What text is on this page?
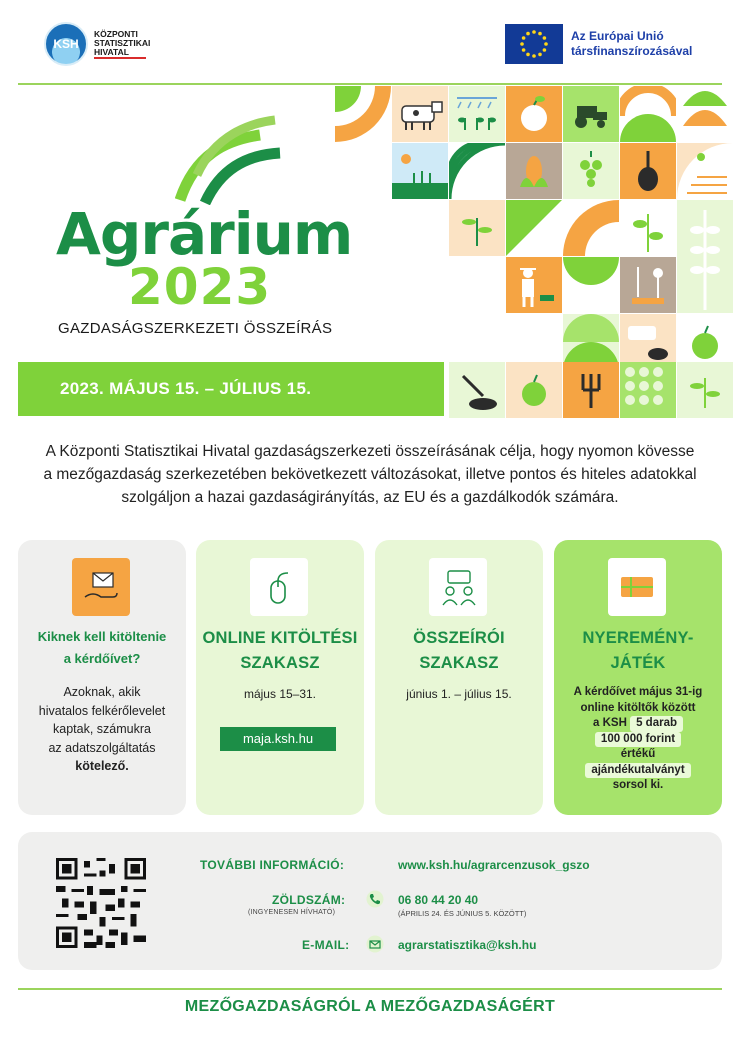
KSH
KÖZPONTI
STATISZTIKAI
HIVATAL
Az Európai Unió
társfinanszírozásával
Agrárium
2023
GAZDASÁGSZERKEZETI ÖSSZEÍRÁS
2023. MÁJUS 15. – JÚLIUS 15.

A Központi Statisztikai Hivatal gazdaságszerkezeti összeírásának célja, hogy nyomon kövesse a mezőgazdaság szerkezetében bekövetkezett változásokat, illetve pontos és hiteles adatokkal szolgáljon a hazai gazdaságirányítás, az EU és a gazdálkodók számára.

Kiknek kell kitöltenie
a kérdőívet?
Azoknak, akik
hivatalos felkérőlevelet
kaptak, számukra
az adatszolgáltatás
kötelező.
ONLINE KITÖLTÉSI
SZAKASZ
május 15–31.
maja.ksh.hu
ÖSSZEÍRÓI
SZAKASZ
június 1. – július 15.
NYEREMÉNY-
JÁTÉK
A kérdőívet május 31-ig
online kitöltők között
a KSH 5 darab
100 000 forint
értékű
ajándékutalványt
sorsol ki.
TOVÁBBI INFORMÁCIÓ:	www.ksh.hu/agrarcenzusok_gszo
ZÖLDSZÁM:
(INGYENESEN HÍVHATÓ)
06 80 44 20 40
(ÁPRILIS 24. ÉS JÚNIUS 5. KÖZÖTT)
E-MAIL:	agrarstatisztika@ksh.hu
MEZŐGAZDASÁGRÓL A MEZŐGAZDASÁGÉRT
